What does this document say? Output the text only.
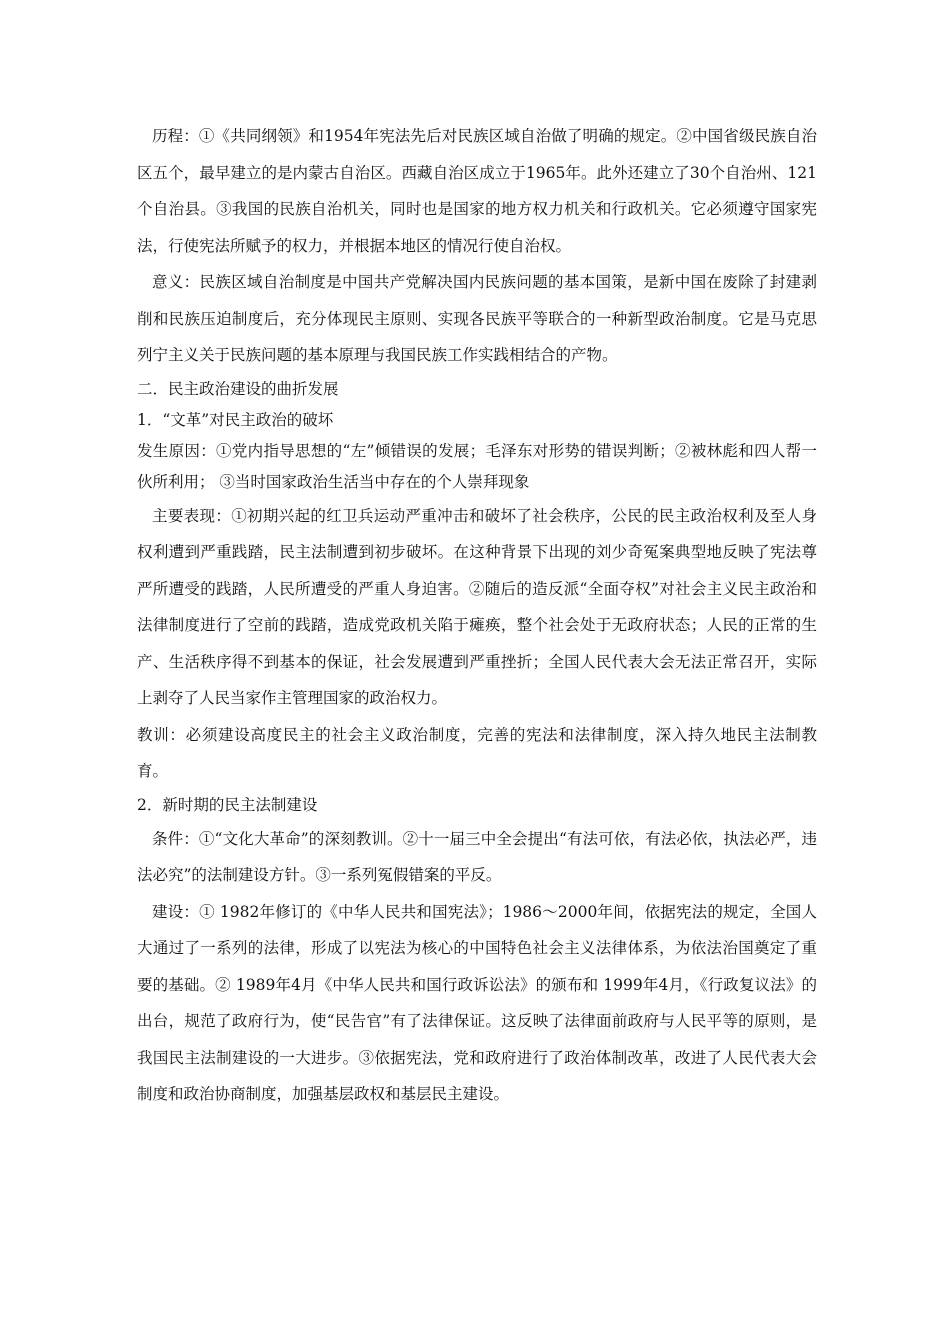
历程：①《共同纲领》和1954年宪法先后对民族区域自治做了明确的规定。②中国省级民族自治区五个，最早建立的是内蒙古自治区。西藏自治区成立于1965年。此外还建立了30个自治州、121个自治县。③我国的民族自治机关，同时也是国家的地方权力机关和行政机关。它必须遵守国家宪法，行使宪法所赋予的权力，并根据本地区的情况行使自治权。

意义：民族区域自治制度是中国共产党解决国内民族问题的基本国策，是新中国在废除了封建剥削和民族压迫制度后，充分体现民主原则、实现各民族平等联合的一种新型政治制度。它是马克思列宁主义关于民族问题的基本原理与我国民族工作实践相结合的产物。

二．民主政治建设的曲折发展

1．“文革”对民主政治的破坏

发生原因：①党内指导思想的“左”倾错误的发展；毛泽东对形势的错误判断；②被林彪和四人帮一伙所利用； ③当时国家政治生活当中存在的个人崇拜现象

主要表现：①初期兴起的红卫兵运动严重冲击和破坏了社会秩序，公民的民主政治权利及至人身权利遭到严重践踏，民主法制遭到初步破坏。在这种背景下出现的刘少奇冤案典型地反映了宪法尊严所遭受的践踏，人民所遭受的严重人身迫害。②随后的造反派“全面夺权”对社会主义民主政治和法律制度进行了空前的践踏，造成党政机关陷于瘫痪，整个社会处于无政府状态；人民的正常的生产、生活秩序得不到基本的保证，社会发展遭到严重挫折；全国人民代表大会无法正常召开，实际上剥夺了人民当家作主管理国家的政治权力。

教训：必须建设高度民主的社会主义政治制度，完善的宪法和法律制度，深入持久地民主法制教育。

2．新时期的民主法制建设

条件：①“文化大革命”的深刻教训。②十一届三中全会提出“有法可依，有法必依，执法必严，违法必究”的法制建设方针。③一系列冤假错案的平反。

建设：① 1982年修订的《中华人民共和国宪法》；1986～2000年间，依据宪法的规定，全国人大通过了一系列的法律，形成了以宪法为核心的中国特色社会主义法律体系，为依法治国奠定了重要的基础。② 1989年4月《中华人民共和国行政诉讼法》的颁布和 1999年4月，《行政复议法》的出台，规范了政府行为，使“民告官”有了法律保证。这反映了法律面前政府与人民平等的原则，是我国民主法制建设的一大进步。③依据宪法，党和政府进行了政治体制改革，改进了人民代表大会制度和政治协商制度，加强基层政权和基层民主建设。
